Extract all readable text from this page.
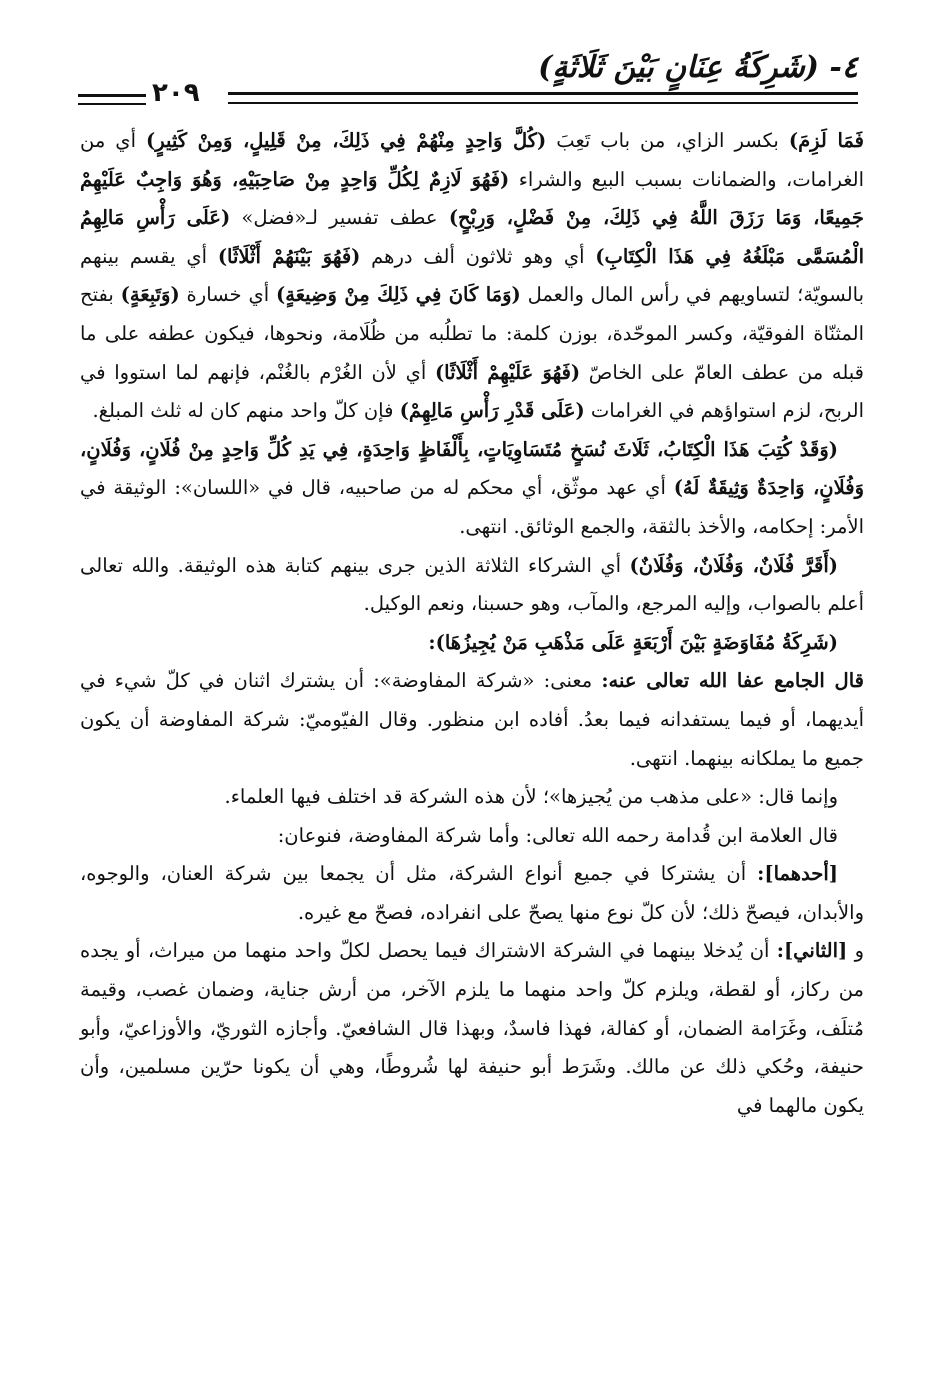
٤- (شَرِكَةُ عِنَانٍ بَيْنَ ثَلَاثَةٍ)
٢٠٩

فَمَا لَزِمَ) بكسر الزاي، من باب تَعِبَ (كُلَّ وَاحِدٍ مِنْهُمْ فِي ذَلِكَ، مِنْ قَلِيلٍ، وَمِنْ كَثِيرٍ) أي من الغرامات، والضمانات بسبب البيع والشراء (فَهُوَ لَازِمٌ لِكُلِّ وَاحِدٍ مِنْ صَاحِبَيْهِ، وَهُوَ وَاجِبٌ عَلَيْهِمْ جَمِيعًا، وَمَا رَزَقَ اللَّهُ فِي ذَلِكَ، مِنْ فَضْلٍ، وَرِبْحٍ) عطف تفسير لـ«فضل» (عَلَى رَأْسِ مَالِهِمُ الْمُسَمَّى مَبْلَغُهُ فِي هَذَا الْكِتَابِ) أي وهو ثلاثون ألف درهم (فَهُوَ بَيْنَهُمْ أَثْلَاثًا) أي يقسم بينهم بالسويّة؛ لتساويهم في رأس المال والعمل (وَمَا كَانَ فِي ذَلِكَ مِنْ وَضِيعَةٍ) أي خسارة (وَتَبِعَةٍ) بفتح المثنّاة الفوقيّة، وكسر الموحّدة، بوزن كلمة: ما تطلُبه من ظُلَامة، ونحوها، فيكون عطفه على ما قبله من عطف العامّ على الخاصّ (فَهُوَ عَلَيْهِمْ أَثْلَاثًا) أي لأن الغُرْم بالغُنْم، فإنهم لما استووا في الربح، لزم استواؤهم في الغرامات (عَلَى قَدْرِ رَأْسِ مَالِهِمْ) فإن كلّ واحد منهم كان له ثلث المبلغ.

(وَقَدْ كُتِبَ هَذَا الْكِتَابُ، ثَلَاثَ نُسَخٍ مُتَسَاوِيَاتٍ، بِأَلْفَاظٍ وَاحِدَةٍ، فِي يَدِ كُلِّ وَاحِدٍ مِنْ فُلَانٍ، وَفُلَانٍ، وَفُلَانٍ، وَاحِدَةٌ وَثِيقَةٌ لَهُ) أي عهد موثّق، أي محكم له من صاحبيه، قال في «اللسان»: الوثيقة في الأمر: إحكامه، والأخذ بالثقة، والجمع الوثائق. انتهى.

(أَقَرَّ فُلَانٌ، وَفُلَانٌ، وَفُلَانٌ) أي الشركاء الثلاثة الذين جرى بينهم كتابة هذه الوثيقة. والله تعالى أعلم بالصواب، وإليه المرجع، والمآب، وهو حسبنا، ونعم الوكيل.

(شَرِكَةُ مُفَاوَضَةٍ بَيْنَ أَرْبَعَةٍ عَلَى مَذْهَبِ مَنْ يُجِيزُهَا):

قال الجامع عفا الله تعالى عنه: معنى: «شركة المفاوضة»: أن يشترك اثنان في كلّ شيء في أيديهما، أو فيما يستفدانه فيما بعدُ. أفاده ابن منظور. وقال الفيّوميّ: شركة المفاوضة أن يكون جميع ما يملكانه بينهما. انتهى.

وإنما قال: «على مذهب من يُجيزها»؛ لأن هذه الشركة قد اختلف فيها العلماء.

قال العلامة ابن قُدامة رحمه الله تعالى: وأما شركة المفاوضة، فنوعان:

[أحدهما]: أن يشتركا في جميع أنواع الشركة، مثل أن يجمعا بين شركة العنان، والوجوه، والأبدان، فيصحّ ذلك؛ لأن كلّ نوع منها يصحّ على انفراده، فصحّ مع غيره.

و [الثاني]: أن يُدخلا بينهما في الشركة الاشتراك فيما يحصل لكلّ واحد منهما من ميراث، أو يجده من ركاز، أو لقطة، ويلزم كلّ واحد منهما ما يلزم الآخر، من أرش جناية، وضمان غصب، وقيمة مُتلَف، وغَرَامة الضمان، أو كفالة، فهذا فاسدٌ، وبهذا قال الشافعيّ. وأجازه الثوريّ، والأوزاعيّ، وأبو حنيفة، وحُكي ذلك عن مالك. وشَرَط أبو حنيفة لها شُروطًا، وهي أن يكونا حرّين مسلمين، وأن يكون مالهما في
